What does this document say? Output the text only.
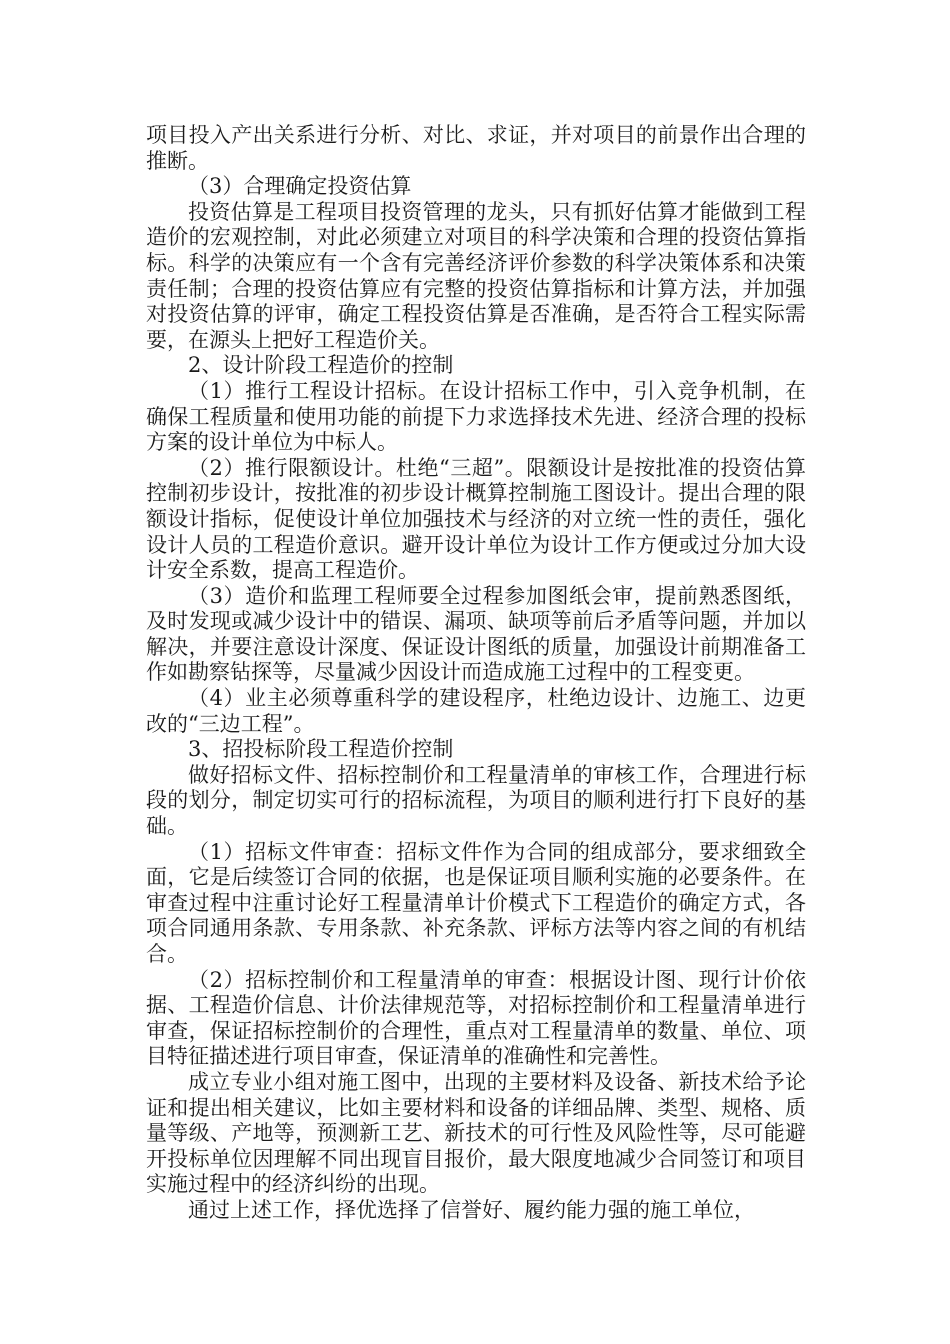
项目投入产出关系进行分析、对比、求证，并对项目的前景作出合理的推断。

（3）合理确定投资估算

投资估算是工程项目投资管理的龙头，只有抓好估算才能做到工程造价的宏观控制，对此必须建立对项目的科学决策和合理的投资估算指标。科学的决策应有一个含有完善经济评价参数的科学决策体系和决策责任制；合理的投资估算应有完整的投资估算指标和计算方法，并加强对投资估算的评审，确定工程投资估算是否准确，是否符合工程实际需要，在源头上把好工程造价关。

2、设计阶段工程造价的控制

（1）推行工程设计招标。在设计招标工作中，引入竞争机制，在确保工程质量和使用功能的前提下力求选择技术先进、经济合理的投标方案的设计单位为中标人。

（2）推行限额设计。杜绝“三超”。限额设计是按批准的投资估算控制初步设计，按批准的初步设计概算控制施工图设计。提出合理的限额设计指标，促使设计单位加强技术与经济的对立统一性的责任，强化设计人员的工程造价意识。避开设计单位为设计工作方便或过分加大设计安全系数，提高工程造价。

（3）造价和监理工程师要全过程参加图纸会审，提前熟悉图纸，及时发现或减少设计中的错误、漏项、缺项等前后矛盾等问题，并加以解决，并要注意设计深度、保证设计图纸的质量，加强设计前期准备工作如勘察钻探等，尽量减少因设计而造成施工过程中的工程变更。

（4）业主必须尊重科学的建设程序，杜绝边设计、边施工、边更改的“三边工程”。

3、招投标阶段工程造价控制

做好招标文件、招标控制价和工程量清单的审核工作，合理进行标段的划分，制定切实可行的招标流程，为项目的顺利进行打下良好的基础。

（1）招标文件审查：招标文件作为合同的组成部分，要求细致全面，它是后续签订合同的依据，也是保证项目顺利实施的必要条件。在审查过程中注重讨论好工程量清单计价模式下工程造价的确定方式，各项合同通用条款、专用条款、补充条款、评标方法等内容之间的有机结合。

（2）招标控制价和工程量清单的审查：根据设计图、现行计价依据、工程造价信息、计价法律规范等，对招标控制价和工程量清单进行审查，保证招标控制价的合理性，重点对工程量清单的数量、单位、项目特征描述进行项目审查，保证清单的准确性和完善性。

成立专业小组对施工图中，出现的主要材料及设备、新技术给予论证和提出相关建议，比如主要材料和设备的详细品牌、类型、规格、质量等级、产地等，预测新工艺、新技术的可行性及风险性等，尽可能避开投标单位因理解不同出现盲目报价，最大限度地减少合同签订和项目实施过程中的经济纠纷的出现。

通过上述工作，择优选择了信誉好、履约能力强的施工单位，
